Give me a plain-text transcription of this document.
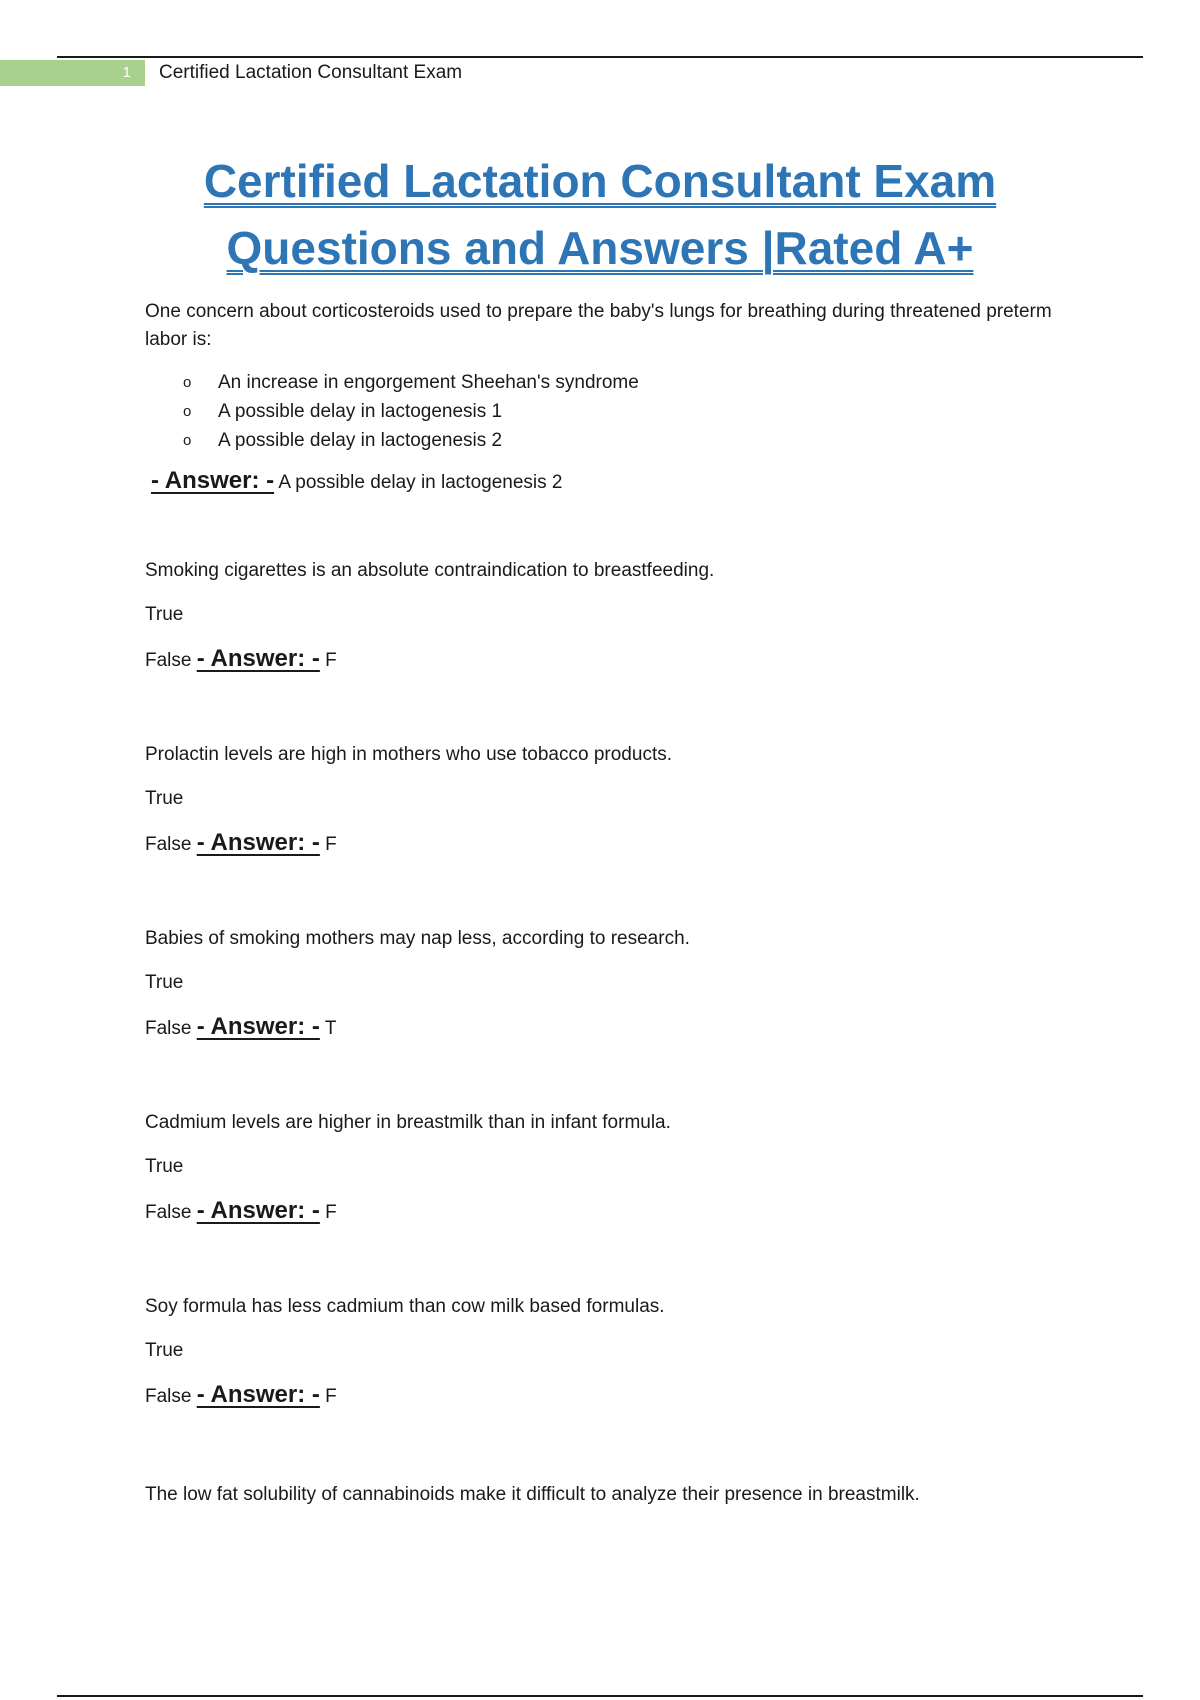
1	Certified Lactation Consultant Exam
Certified Lactation Consultant Exam
Questions and Answers |Rated A+

One concern about corticosteroids used to prepare the baby's lungs for breathing during threatened preterm labor is:

o An increase in engorgement Sheehan's syndrome
o A possible delay in lactogenesis 1
o A possible delay in lactogenesis 2

- Answer: - A possible delay in lactogenesis 2

Smoking cigarettes is an absolute contraindication to breastfeeding.

True

False - Answer: - F

Prolactin levels are high in mothers who use tobacco products.

True

False - Answer: - F

Babies of smoking mothers may nap less, according to research.

True

False - Answer: - T

Cadmium levels are higher in breastmilk than in infant formula.

True

False - Answer: - F

Soy formula has less cadmium than cow milk based formulas.

True

False - Answer: - F

The low fat solubility of cannabinoids make it difficult to analyze their presence in breastmilk.
